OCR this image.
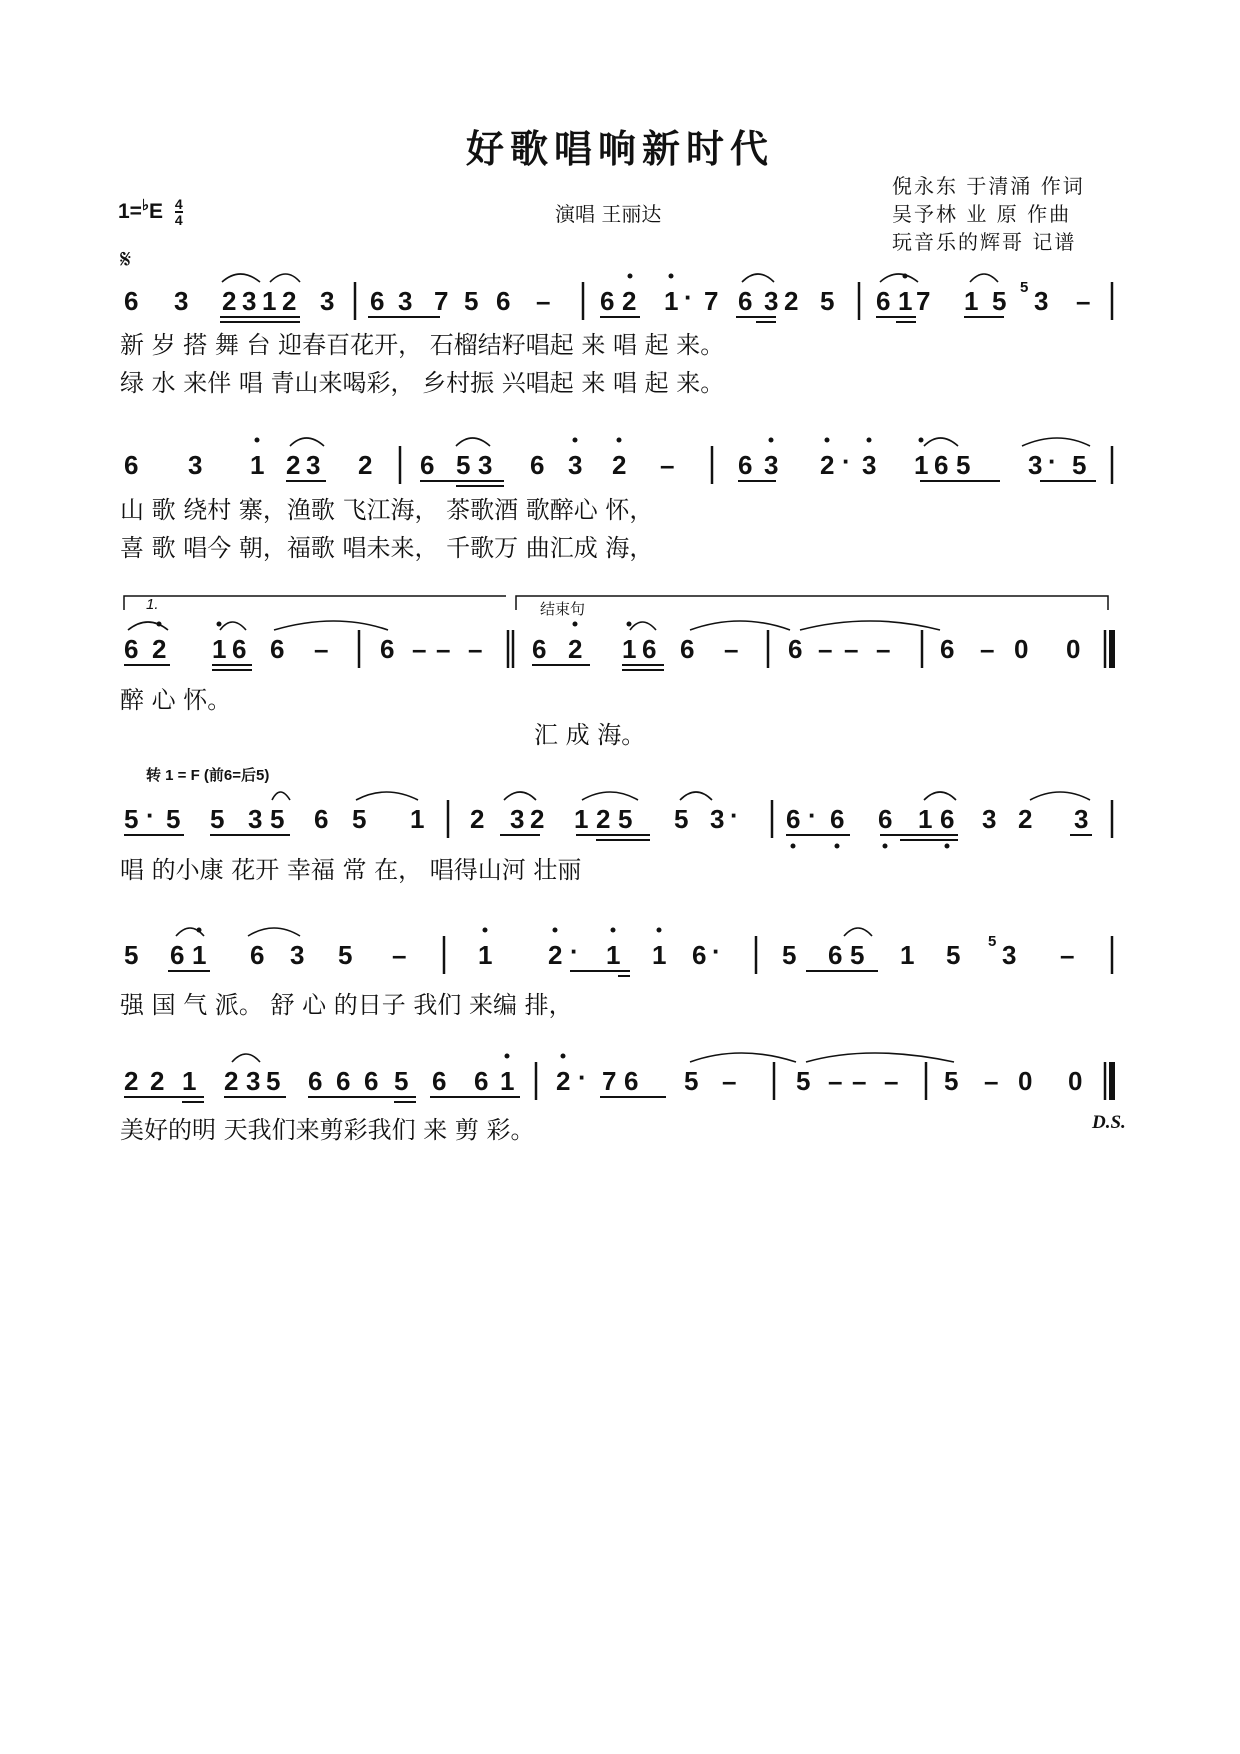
好歌唱响新时代
$1=^♭E \frac{4}{4}$	演唱 王丽达
倪永东 于清涌 作词
吴予林 业 原 作曲
玩音乐的辉哥 记谱
𝄋
1.	结束句
转 1 = F (前6=后5)
新 岁 搭 舞 台 迎春百花开， 石榴结籽唱起 来 唱 起 来。
绿 水 来伴 唱 青山来喝彩， 乡村振 兴唱起 来 唱 起 来。
山 歌 绕村 寨，渔歌 飞江海， 茶歌酒 歌醉心 怀，
喜 歌 唱今 朝，福歌 唱未来， 千歌万 曲汇成 海，
醉 心 怀。
汇 成 海。
唱 的小康 花开 幸福 常 在， 唱得山河 壮丽
强 国 气 派。 舒 心 的日子 我们 来编 排，
美好的明 天我们来剪彩我们 来 剪 彩。	D.S.
6 3 2 3 1 2 3 6 3 7 5 6 – 6 2 1 · 7 6 3 2 5 6 1 7 1 5 5 3 –
6 3 1 2 3 2 6 5 3 6 3 2 – 6 3 2 · 3 1 6 5 3 · 5
6 2 1 6 6 – 6 – – – 6 2 1 6 6 – 6 – – – 6 – 0 0
5 · 5 5 3 5 6 5 1 2 3 2 1 2 5 5 3 · 6 · 6 6 1 6 3 2 3
5 6 1 6 3 5 –	1 2 · 1 1 6 · 5 6 5 1 5 5 3 –
2 2 1 2 3 5 6 6 6 5 6 6 1 2 · 7 6 5 – 5 – – – 5 – 0 0
